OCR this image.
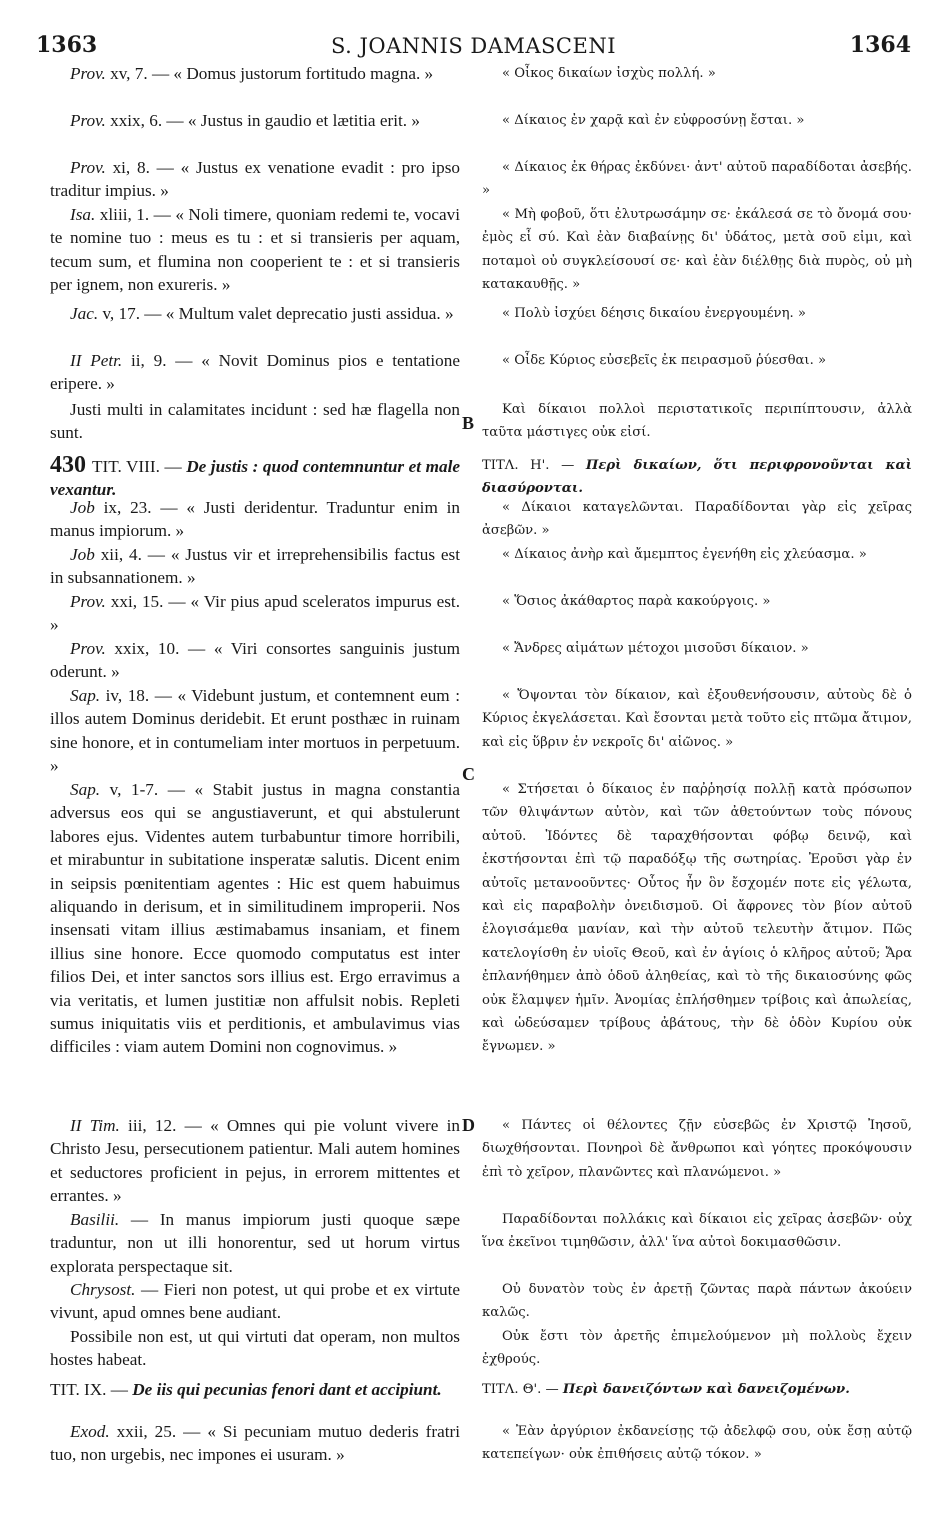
1363	S. JOANNIS DAMASCENI	1364
B
C
D

Prov. xv, 7. — « Domus justorum fortitudo magna. »

Prov. xxix, 6. — « Justus in gaudio et lætitia erit. »

Prov. xi, 8. — « Justus ex venatione evadit : pro ipso traditur impius. »

Isa. xliii, 1. — « Noli timere, quoniam redemi te, vocavi te nomine tuo : meus es tu : et si transieris per aquam, tecum sum, et flumina non cooperient te : et si transieris per ignem, non exureris. »

Jac. v, 17. — « Multum valet deprecatio justi assidua. »

II Petr. ii, 9. — « Novit Dominus pios e tentatione eripere. »

Justi multi in calamitates incidunt : sed hæ flagella non sunt.

430 TIT. VIII. — De justis : quod contemnuntur et male vexantur.

Job ix, 23. — « Justi deridentur. Traduntur enim in manus impiorum. »

Job xii, 4. — « Justus vir et irreprehensibilis factus est in subsannationem. »

Prov. xxi, 15. — « Vir pius apud sceleratos impurus est. »

Prov. xxix, 10. — « Viri consortes sanguinis justum oderunt. »

Sap. iv, 18. — « Videbunt justum, et contemnent eum : illos autem Dominus deridebit. Et erunt posthæc in ruinam sine honore, et in contumeliam inter mortuos in perpetuum. »

Sap. v, 1-7. — « Stabit justus in magna constantia adversus eos qui se angustiaverunt, et qui abstulerunt labores ejus. Videntes autem turbabuntur timore horribili, et mirabuntur in subitatione insperatæ salutis. Dicent enim in seipsis pœnitentiam agentes : Hic est quem habuimus aliquando in derisum, et in similitudinem improperii. Nos insensati vitam illius æstimabamus insaniam, et finem illius sine honore. Ecce quomodo computatus est inter filios Dei, et inter sanctos sors illius est. Ergo erravimus a via veritatis, et lumen justitiæ non affulsit nobis. Repleti sumus iniquitatis viis et perditionis, et ambulavimus vias difficiles : viam autem Domini non cognovimus. »

II Tim. iii, 12. — « Omnes qui pie volunt vivere in Christo Jesu, persecutionem patientur. Mali autem homines et seductores proficient in pejus, in errorem mittentes et errantes. »

Basilii. — In manus impiorum justi quoque sæpe traduntur, non ut illi honorentur, sed ut horum virtus explorata perspectaque sit.

Chrysost. — Fieri non potest, ut qui probe et ex virtute vivunt, apud omnes bene audiant.

Possibile non est, ut qui virtuti dat operam, non multos hostes habeat.

TIT. IX. — De iis qui pecunias fenori dant et accipiunt.

Exod. xxii, 25. — « Si pecuniam mutuo dederis fratri tuo, non urgebis, nec impones ei usuram. »

« Οἶκος δικαίων ἰσχὺς πολλή. »

« Δίκαιος ἐν χαρᾷ καὶ ἐν εὐφροσύνῃ ἔσται. »

« Δίκαιος ἐκ θήρας ἐκδύνει· ἀντ' αὐτοῦ παραδίδοται ἀσεβής. »

« Μὴ φοβοῦ, ὅτι ἐλυτρωσάμην σε· ἐκάλεσά σε τὸ ὄνομά σου· ἐμὸς εἶ σύ. Καὶ ἐὰν διαβαίνῃς δι' ὑδάτος, μετὰ σοῦ εἰμι, καὶ ποταμοὶ οὐ συγκλείσουσί σε· καὶ ἐὰν διέλθῃς διὰ πυρὸς, οὐ μὴ κατακαυθῇς. »

« Πολὺ ἰσχύει δέησις δικαίου ἐνεργουμένη. »

« Οἶδε Κύριος εὐσεβεῖς ἐκ πειρασμοῦ ῥύεσθαι. »

Καὶ δίκαιοι πολλοὶ περιστατικοῖς περιπίπτουσιν, ἀλλὰ ταῦτα μάστιγες οὐκ εἰσί.

ΤΙΤΛ. Η'. — Περὶ δικαίων, ὅτι περιφρονοῦνται καὶ διασύρονται.

« Δίκαιοι καταγελῶνται. Παραδίδονται γὰρ εἰς χεῖρας ἀσεβῶν. »

« Δίκαιος ἀνὴρ καὶ ἄμεμπτος ἐγενήθη εἰς χλεύασμα. »

« Ὅσιος ἀκάθαρτος παρὰ κακούργοις. »

« Ἄνδρες αἱμάτων μέτοχοι μισοῦσι δίκαιον. »

« Ὄψονται τὸν δίκαιον, καὶ ἐξουθενήσουσιν, αὐτοὺς δὲ ὁ Κύριος ἐκγελάσεται. Καὶ ἔσονται μετὰ τοῦτο εἰς πτῶμα ἄτιμον, καὶ εἰς ὕβριν ἐν νεκροῖς δι' αἰῶνος. »

« Στήσεται ὁ δίκαιος ἐν παῤῥησίᾳ πολλῇ κατὰ πρόσωπον τῶν θλιψάντων αὐτὸν, καὶ τῶν ἀθετούντων τοὺς πόνους αὐτοῦ. Ἰδόντες δὲ ταραχθήσονται φόβῳ δεινῷ, καὶ ἐκστήσονται ἐπὶ τῷ παραδόξῳ τῆς σωτηρίας. Ἐροῦσι γὰρ ἐν αὐτοῖς μετανοοῦντες· Οὗτος ἦν ὃν ἔσχομέν ποτε εἰς γέλωτα, καὶ εἰς παραβολὴν ὀνειδισμοῦ. Οἱ ἄφρονες τὸν βίον αὐτοῦ ἐλογισάμεθα μανίαν, καὶ τὴν αὐτοῦ τελευτὴν ἄτιμον. Πῶς κατελογίσθη ἐν υἱοῖς Θεοῦ, καὶ ἐν ἁγίοις ὁ κλῆρος αὐτοῦ; Ἄρα ἐπλανήθημεν ἀπὸ ὁδοῦ ἀληθείας, καὶ τὸ τῆς δικαιοσύνης φῶς οὐκ ἔλαμψεν ἡμῖν. Ἀνομίας ἐπλήσθημεν τρίβοις καὶ ἀπωλείας, καὶ ὡδεύσαμεν τρίβους ἀβάτους, τὴν δὲ ὁδὸν Κυρίου οὐκ ἔγνωμεν. »

« Πάντες οἱ θέλοντες ζῇν εὐσεβῶς ἐν Χριστῷ Ἰησοῦ, διωχθήσονται. Πονηροὶ δὲ ἄνθρωποι καὶ γόητες προκόψουσιν ἐπὶ τὸ χεῖρον, πλανῶντες καὶ πλανώμενοι. »

Παραδίδονται πολλάκις καὶ δίκαιοι εἰς χεῖρας ἀσεβῶν· οὐχ ἵνα ἐκεῖνοι τιμηθῶσιν, ἀλλ' ἵνα αὐτοὶ δοκιμασθῶσιν.

Οὐ δυνατὸν τοὺς ἐν ἀρετῇ ζῶντας παρὰ πάντων ἀκούειν καλῶς.

Οὐκ ἔστι τὸν ἀρετῆς ἐπιμελούμενον μὴ πολλοὺς ἔχειν ἐχθρούς.

ΤΙΤΛ. Θ'. — Περὶ δανειζόντων καὶ δανειζομένων.

« Ἐὰν ἀργύριον ἐκδανείσῃς τῷ ἀδελφῷ σου, οὐκ ἔσῃ αὐτῷ κατεπείγων· οὐκ ἐπιθήσεις αὐτῷ τόκον. »
